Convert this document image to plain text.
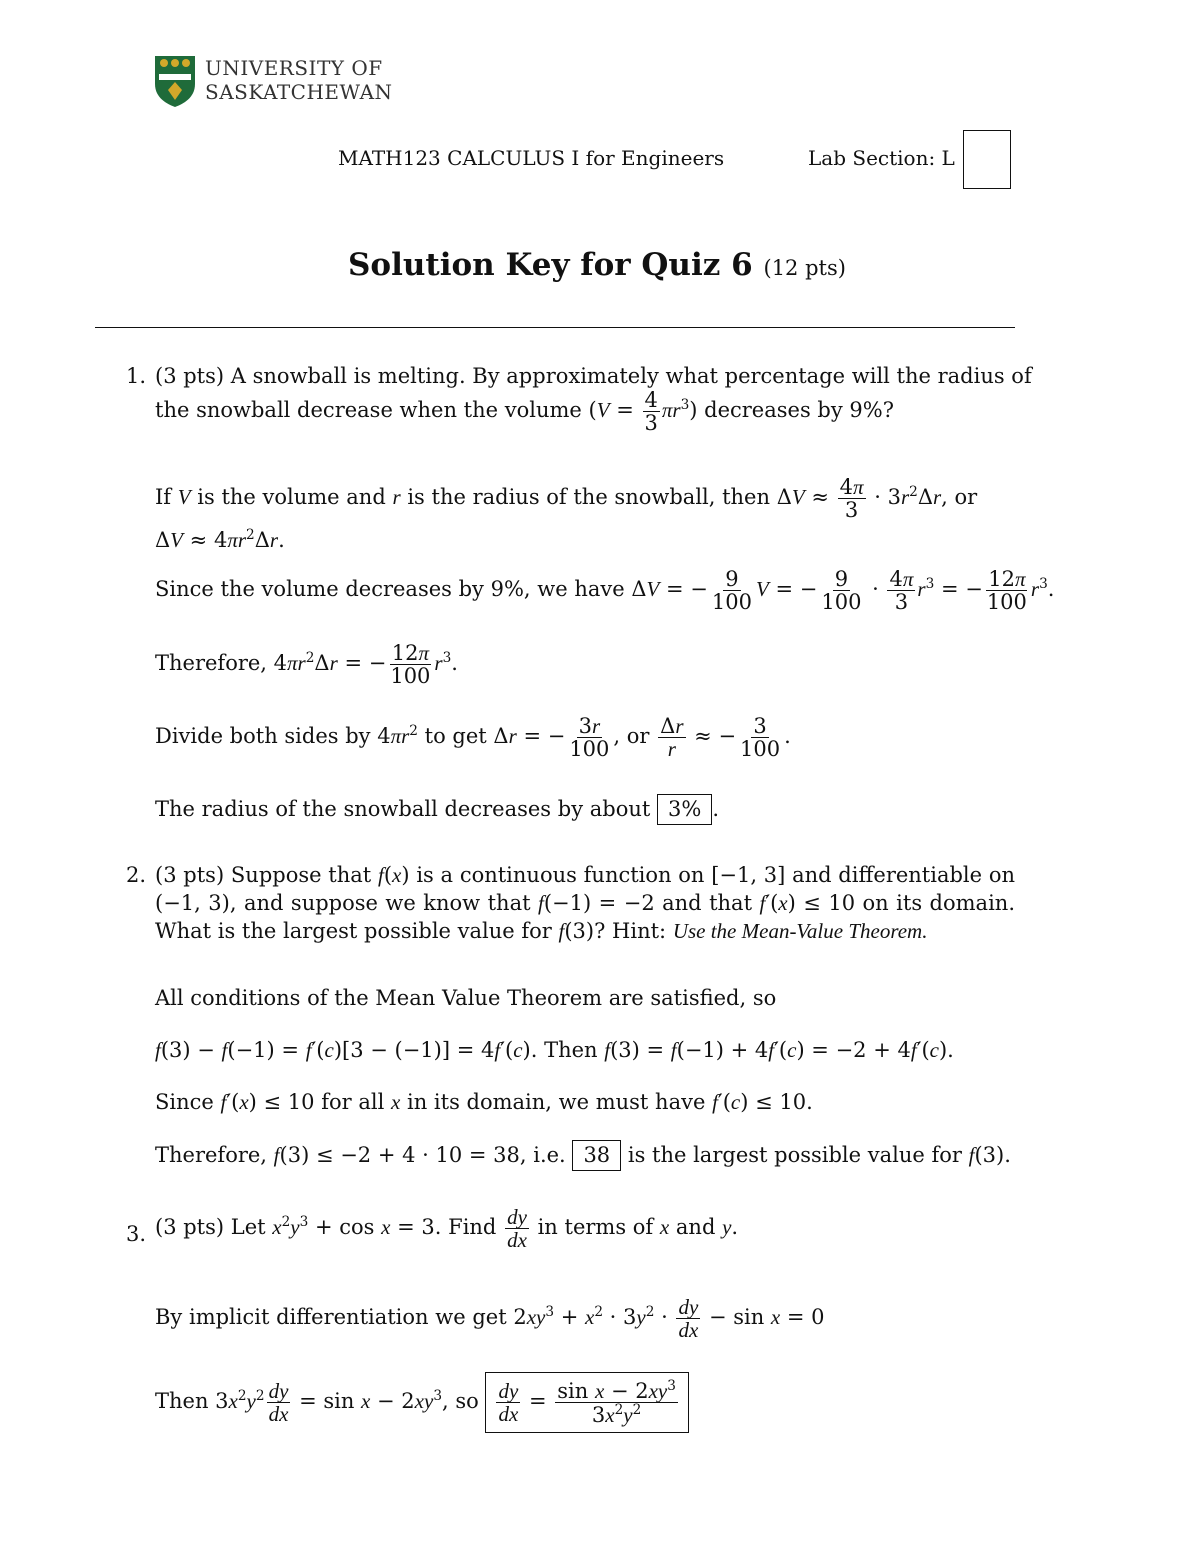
UNIVERSITY OF
SASKATCHEWAN
MATH123 CALCULUS I for Engineers	Lab Section: L
Solution Key for Quiz 6 (12 pts)
1. (3 pts) A snowball is melting. By approximately what percentage will the radius of
the snowball decrease when the volume $(V = \frac{4}{3} \pi r^3)$ decreases by 9%?
If V is the volume and r is the radius of the snowball, then $\Delta V \approx \frac{4\pi}{3} \cdot 3r^2\Delta r$, or
$\Delta V \approx 4\pi r^2\Delta r$.
Since the volume decreases by 9%, we have ΔV = − $\frac{9}{100}$ V = − $\frac{9}{100} \cdot \frac{4\pi}{3} r^3$ = − $\frac{12\pi}{100} r^3$.
Therefore, $4\pi r^2\Delta r$ = − $\frac{12\pi}{100} r^3$.
Divide both sides by $4\pi r^2$ to get Δr = − $\frac{3r}{100}$ , or $\frac{\Delta r}{r}$ ≈ − $\frac{3}{100}$ .
The radius of the snowball decreases by about 3% .
2. (3 pts) Suppose that f(x) is a continuous function on [−1, 3] and differentiable on (−1, 3), and suppose we know that f(−1) = −2 and that f′(x) ≤ 10 on its domain. What is the largest possible value for f(3)? Hint: Use the Mean-Value Theorem.
All conditions of the Mean Value Theorem are satisfied, so
f(3) − f(−1) = f′(c)[3 − (−1)] = 4f′(c). Then f(3) = f(−1) + 4f′(c) = −2 + 4f′(c).
Since f′(x) ≤ 10 for all x in its domain, we must have f′(c) ≤ 10.
Therefore, f(3) ≤ −2 + 4 · 10 = 38, i.e. 38 is the largest possible value for f(3).
3. (3 pts) Let $x^2y^3 + \cos x = 3$. Find $\frac{dy}{dx}$ in terms of x and y.
By implicit differentiation we get $2xy^3 + x^2 \cdot 3y^2 \cdot \frac{dy}{dx} - \sin x = 0$
Then $3x^2y^2 \frac{dy}{dx} = \sin x - 2xy^3$, so $\frac{dy}{dx} = \frac{\sin x - 2xy^3}{3x^2y^2}$
